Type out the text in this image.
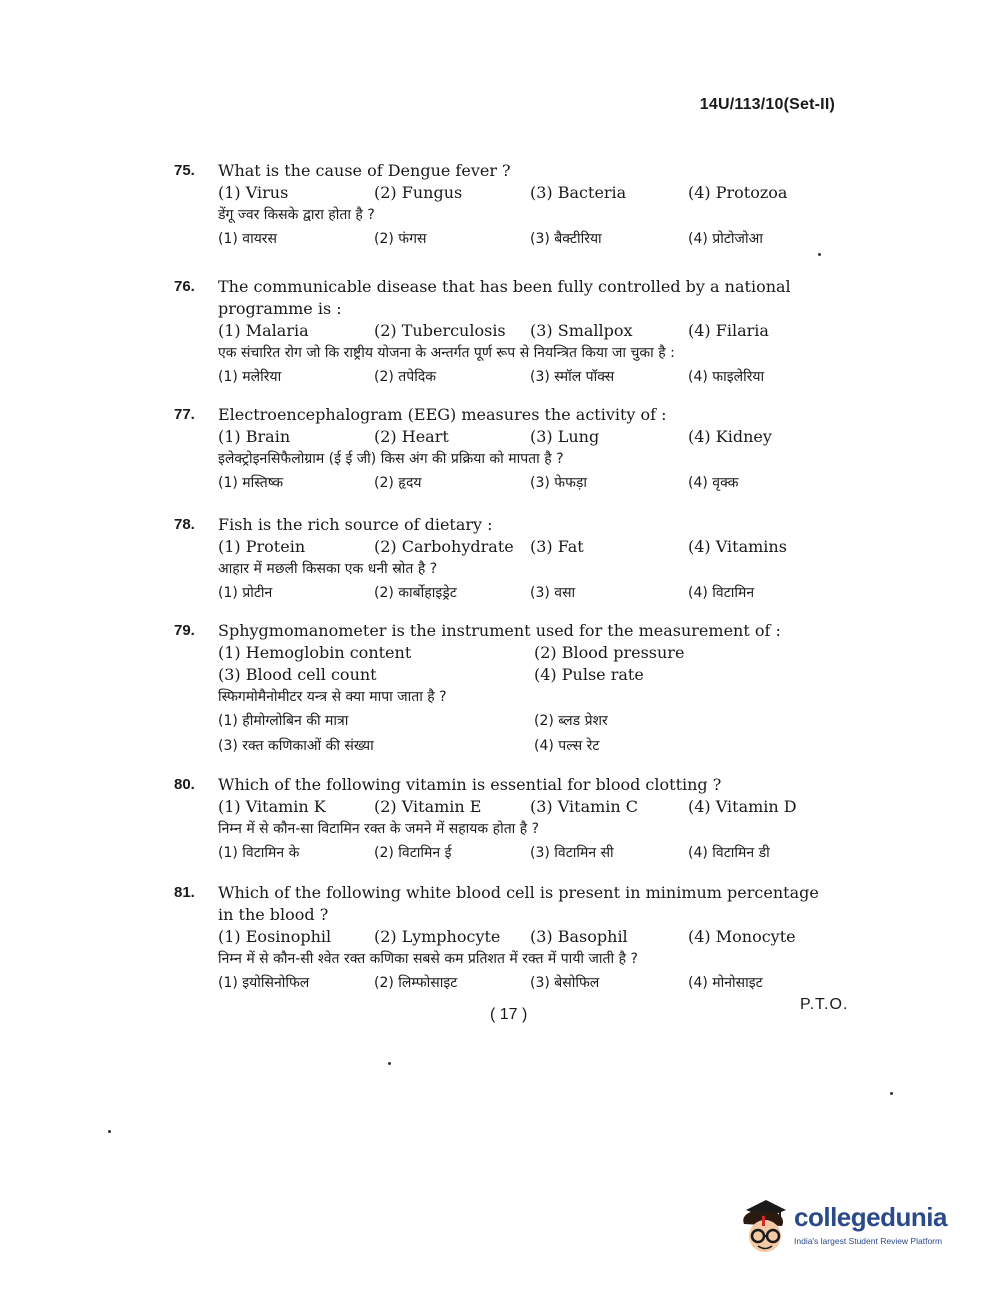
14U/113/10(Set-II)
75. What is the cause of Dengue fever ?
(1) Virus	(2) Fungus	(3) Bacteria	(4) Protozoa
डेंगू ज्वर किसके द्वारा होता है ?
(1) वायरस	(2) फंगस	(3) बैक्टीरिया	(4) प्रोटोजोआ
76. The communicable disease that has been fully controlled by a national programme is :
(1) Malaria	(2) Tuberculosis	(3) Smallpox	(4) Filaria
एक संचारित रोग जो कि राष्ट्रीय योजना के अन्तर्गत पूर्ण रूप से नियन्त्रित किया जा चुका है :
(1) मलेरिया	(2) तपेदिक	(3) स्मॉल पॉक्स	(4) फाइलेरिया
77. Electroencephalogram (EEG) measures the activity of :
(1) Brain	(2) Heart	(3) Lung	(4) Kidney
इलेक्ट्रोइनसिफैलोग्राम (ई ई जी) किस अंग की प्रक्रिया को मापता है ?
(1) मस्तिष्क	(2) हृदय	(3) फेफड़ा	(4) वृक्क
78. Fish is the rich source of dietary :
(1) Protein	(2) Carbohydrate	(3) Fat	(4) Vitamins
आहार में मछली किसका एक धनी स्रोत है ?
(1) प्रोटीन	(2) कार्बोहाइड्रेट	(3) वसा	(4) विटामिन
79. Sphygmomanometer is the instrument used for the measurement of :
(1) Hemoglobin content	(2) Blood pressure
(3) Blood cell count	(4) Pulse rate
स्फिगमोमैनोमीटर यन्त्र से क्या मापा जाता है ?
(1) हीमोग्लोबिन की मात्रा	(2) ब्लड प्रेशर
(3) रक्त कणिकाओं की संख्या	(4) पल्स रेट
80. Which of the following vitamin is essential for blood clotting ?
(1) Vitamin K	(2) Vitamin E	(3) Vitamin C	(4) Vitamin D
निम्न में से कौन-सा विटामिन रक्त के जमने में सहायक होता है ?
(1) विटामिन के	(2) विटामिन ई	(3) विटामिन सी	(4) विटामिन डी
81. Which of the following white blood cell is present in minimum percentage in the blood ?
(1) Eosinophil	(2) Lymphocyte	(3) Basophil	(4) Monocyte
निम्न में से कौन-सी श्वेत रक्त कणिका सबसे कम प्रतिशत में रक्त में पायी जाती है ?
(1) इयोसिनोफिल	(2) लिम्फोसाइट	(3) बेसोफिल	(4) मोनोसाइट
( 17 )
P.T.O.
collegedunia
India's largest Student Review Platform
